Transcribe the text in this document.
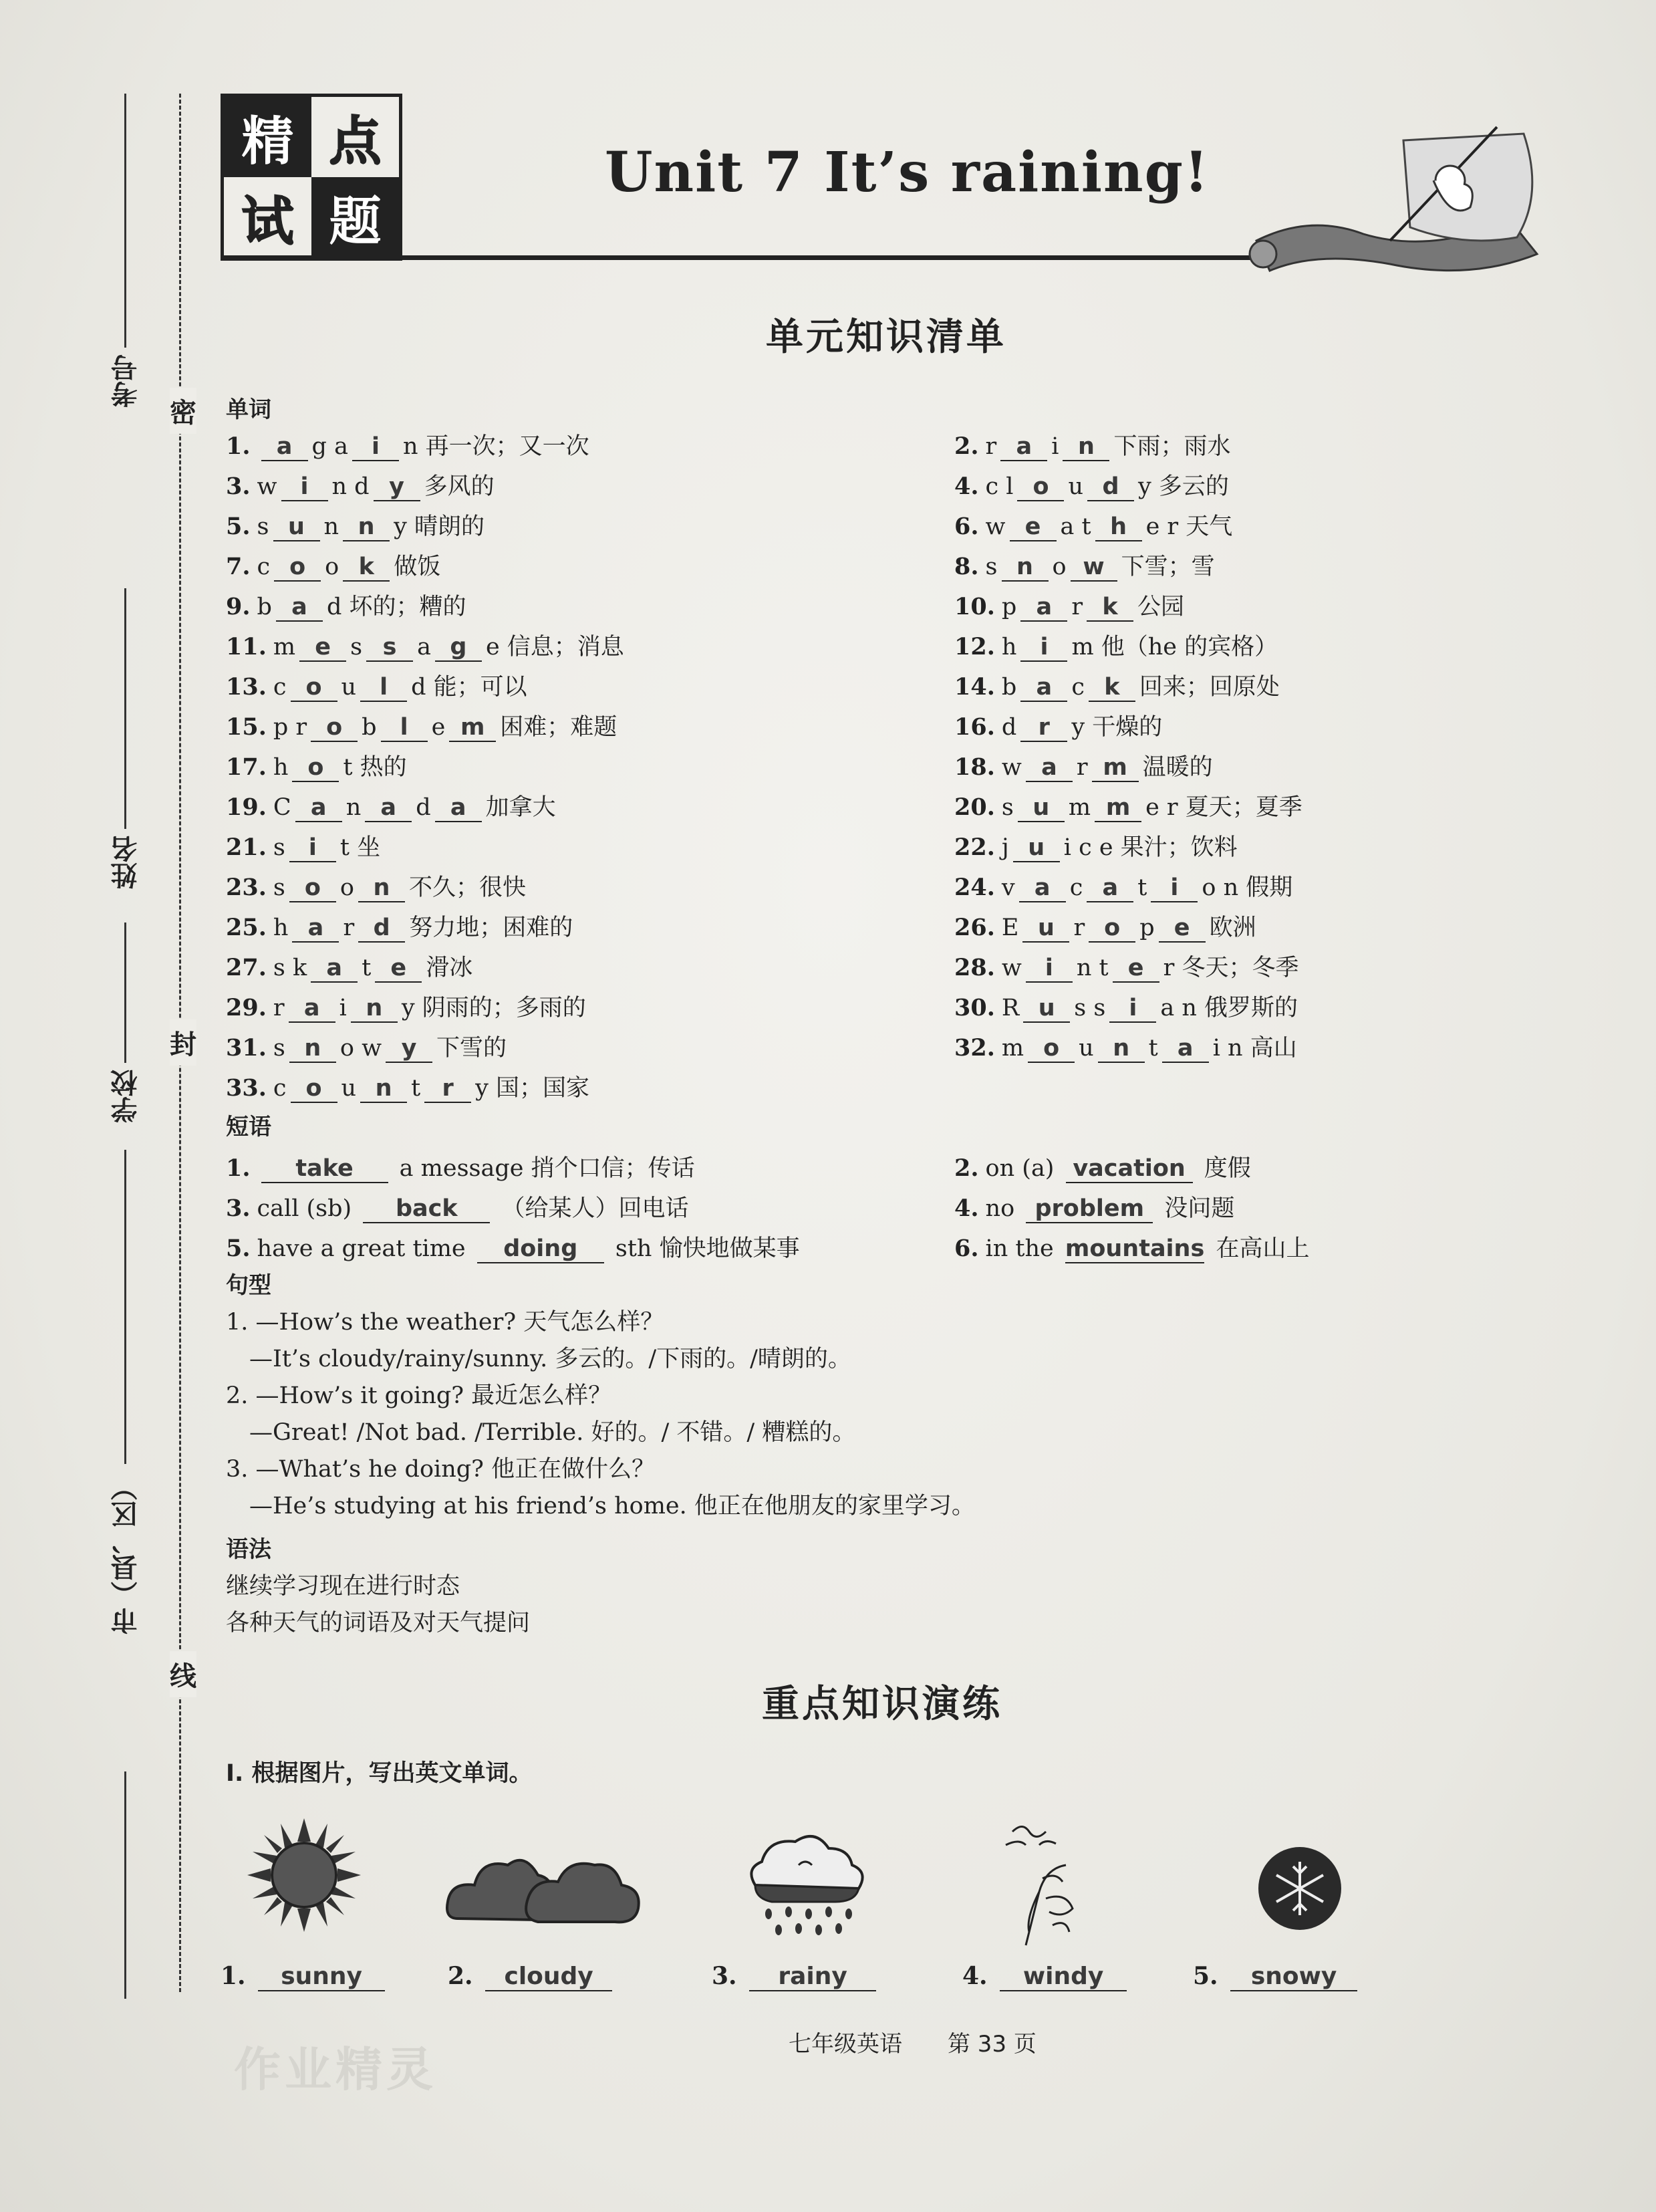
考号
姓名
学校
市（县、区）
密
封
线
精 点
试 题
Unit 7 It’s raining!
单元知识清单
单词
1. a g a i n 再一次；又一次
3. w i n d y 多风的
5. s u n n y 晴朗的
7. c o o k 做饭
9. b a d 坏的；糟的
11. m e s s a g e 信息；消息
13. c o u l d 能；可以
15. p r o b l e m 困难；难题
17. h o t 热的
19. C a n a d a 加拿大
21. s i t 坐
23. s o o n 不久；很快
25. h a r d 努力地；困难的
27. s k a t e 滑冰
29. r a i n y 阴雨的；多雨的
31. s n o w y 下雪的
33. c o u n t r y 国；国家
2. r a i n 下雨；雨水
4. c l o u d y 多云的
6. w e a t h e r 天气
8. s n o w 下雪；雪
10. p a r k 公园
12. h i m 他（he 的宾格）
14. b a c k 回来；回原处
16. d r y 干燥的
18. w a r m 温暖的
20. s u m m e r 夏天；夏季
22. j u i c e 果汁；饮料
24. v a c a t i o n 假期
26. E u r o p e 欧洲
28. w i n t e r 冬天；冬季
30. R u s s i a n 俄罗斯的
32. m o u n t a i n 高山
短语
1. take a message 捎个口信；传话
3. call (sb) back （给某人）回电话
5. have a great time doing sth 愉快地做某事
2. on (a) vacation 度假
4. no problem 没问题
6. in the mountains 在高山上
句型
1. —How’s the weather? 天气怎么样？
　—It’s cloudy/rainy/sunny. 多云的。/下雨的。/晴朗的。
2. —How’s it going? 最近怎么样？
　—Great! /Not bad. /Terrible. 好的。/ 不错。/ 糟糕的。
3. —What’s he doing? 他正在做什么？
　—He’s studying at his friend’s home. 他正在他朋友的家里学习。
语法
继续学习现在进行时态
各种天气的词语及对天气提问
重点知识演练
Ⅰ. 根据图片，写出英文单词。
1. sunny	2. cloudy	3. rainy	4. windy	5. snowy
七年级英语　　第 33 页
作业精灵
